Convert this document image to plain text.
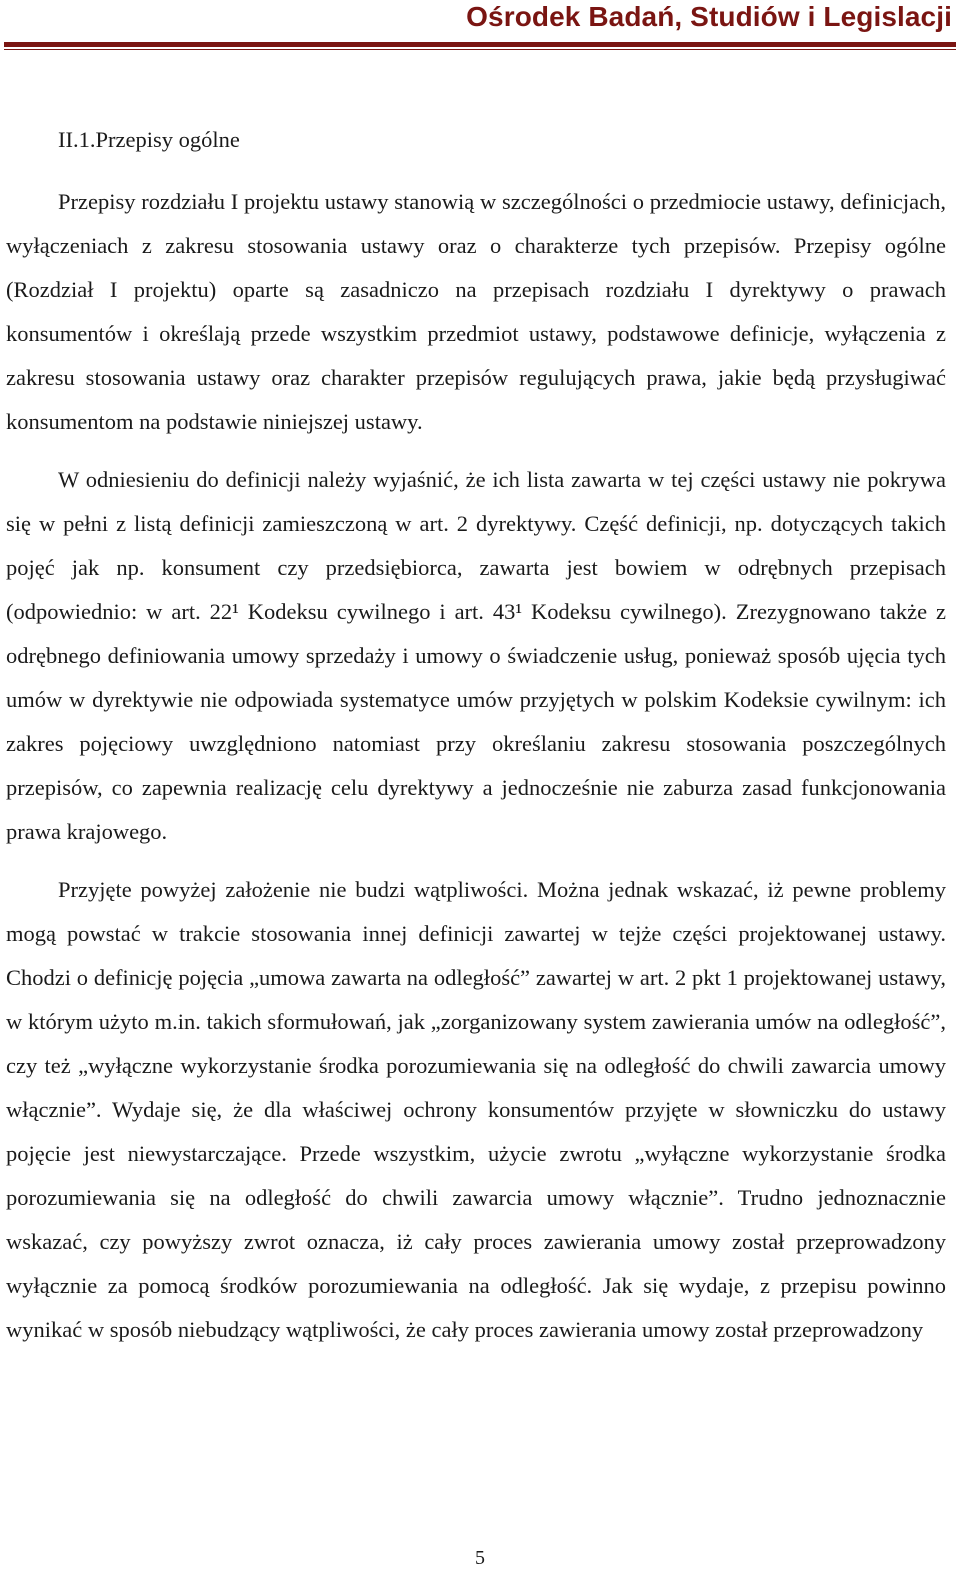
Ośrodek Badań, Studiów i Legislacji
II.1.Przepisy ogólne

Przepisy rozdziału I projektu ustawy stanowią w szczególności o przedmiocie ustawy, definicjach, wyłączeniach z zakresu stosowania ustawy oraz o charakterze tych przepisów. Przepisy ogólne (Rozdział I projektu) oparte są zasadniczo na przepisach rozdziału I dyrektywy o prawach konsumentów i określają przede wszystkim przedmiot ustawy, podstawowe definicje, wyłączenia z zakresu stosowania ustawy oraz charakter przepisów regulujących prawa, jakie będą przysługiwać konsumentom na podstawie niniejszej ustawy.

W odniesieniu do definicji należy wyjaśnić, że ich lista zawarta w tej części ustawy nie pokrywa się w pełni z listą definicji zamieszczoną w art. 2 dyrektywy. Część definicji, np. dotyczących takich pojęć jak np. konsument czy przedsiębiorca, zawarta jest bowiem w odrębnych przepisach (odpowiednio: w art. 22¹ Kodeksu cywilnego i art. 43¹ Kodeksu cywilnego). Zrezygnowano także z odrębnego definiowania umowy sprzedaży i umowy o świadczenie usług, ponieważ sposób ujęcia tych umów w dyrektywie nie odpowiada systematyce umów przyjętych w polskim Kodeksie cywilnym: ich zakres pojęciowy uwzględniono natomiast przy określaniu zakresu stosowania poszczególnych przepisów, co zapewnia realizację celu dyrektywy a jednocześnie nie zaburza zasad funkcjonowania prawa krajowego.

Przyjęte powyżej założenie nie budzi wątpliwości. Można jednak wskazać, iż pewne problemy mogą powstać w trakcie stosowania innej definicji zawartej w tejże części projektowanej ustawy. Chodzi o definicję pojęcia „umowa zawarta na odległość” zawartej w art. 2 pkt 1 projektowanej ustawy, w którym użyto m.in. takich sformułowań, jak „zorganizowany system zawierania umów na odległość”, czy też „wyłączne wykorzystanie środka porozumiewania się na odległość do chwili zawarcia umowy włącznie”. Wydaje się, że dla właściwej ochrony konsumentów przyjęte w słowniczku do ustawy pojęcie jest niewystarczające. Przede wszystkim, użycie zwrotu „wyłączne wykorzystanie środka porozumiewania się na odległość do chwili zawarcia umowy włącznie”. Trudno jednoznacznie wskazać, czy powyższy zwrot oznacza, iż cały proces zawierania umowy został przeprowadzony wyłącznie za pomocą środków porozumiewania na odległość. Jak się wydaje, z przepisu powinno wynikać w sposób niebudzący wątpliwości, że cały proces zawierania umowy został przeprowadzony

5
